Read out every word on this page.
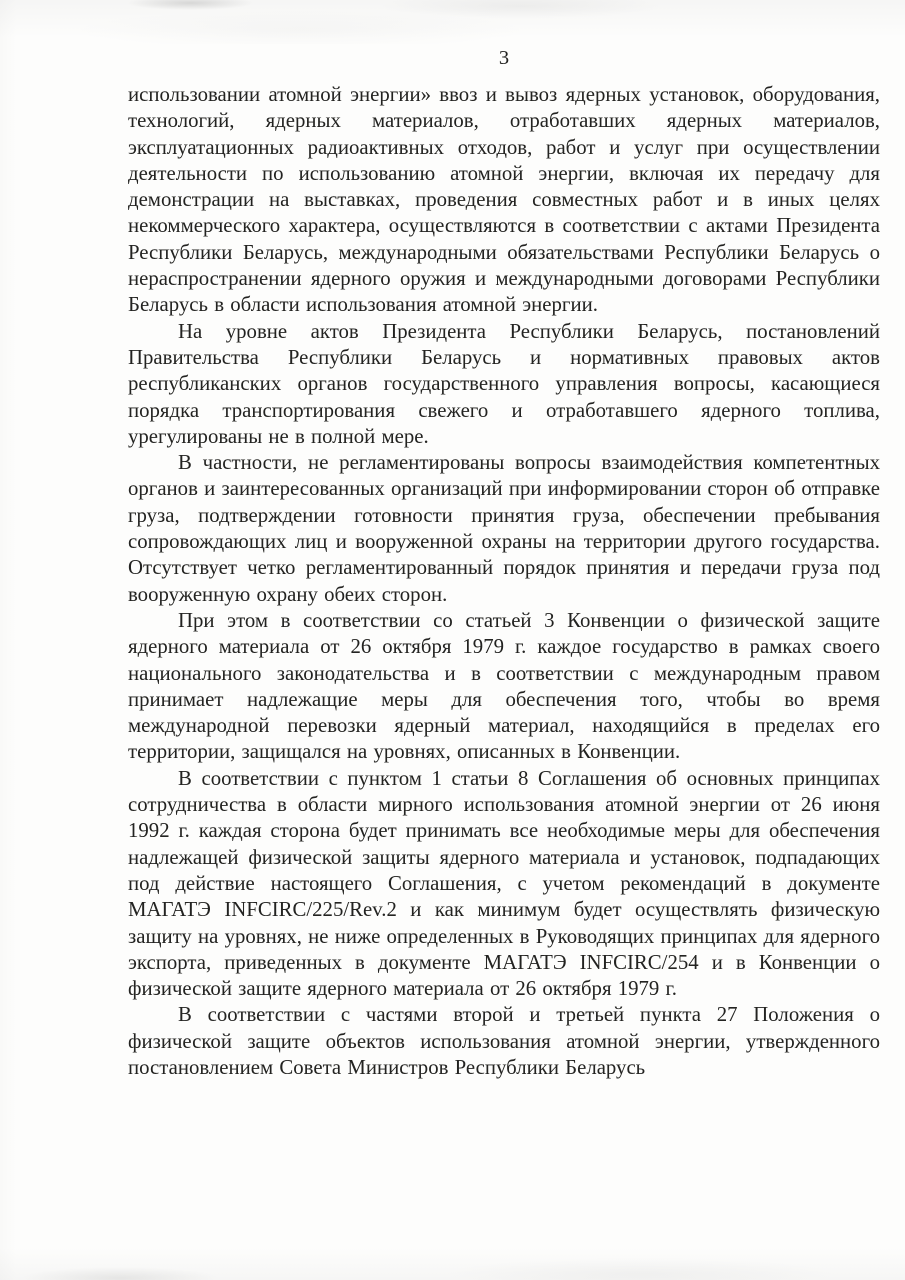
3

использовании атомной энергии» ввоз и вывоз ядерных установок, оборудования, технологий, ядерных материалов, отработавших ядерных материалов, эксплуатационных радиоактивных отходов, работ и услуг при осуществлении деятельности по использованию атомной энергии, включая их передачу для демонстрации на выставках, проведения совместных работ и в иных целях некоммерческого характера, осуществляются в соответствии с актами Президента Республики Беларусь, международными обязательствами Республики Беларусь о нераспространении ядерного оружия и международными договорами Республики Беларусь в области использования атомной энергии.

На уровне актов Президента Республики Беларусь, постановлений Правительства Республики Беларусь и нормативных правовых актов республиканских органов государственного управления вопросы, касающиеся порядка транспортирования свежего и отработавшего ядерного топлива, урегулированы не в полной мере.

В частности, не регламентированы вопросы взаимодействия компетентных органов и заинтересованных организаций при информировании сторон об отправке груза, подтверждении готовности принятия груза, обеспечении пребывания сопровождающих лиц и вооруженной охраны на территории другого государства. Отсутствует четко регламентированный порядок принятия и передачи груза под вооруженную охрану обеих сторон.

При этом в соответствии со статьей 3 Конвенции о физической защите ядерного материала от 26 октября 1979 г. каждое государство в рамках своего национального законодательства и в соответствии с международным правом принимает надлежащие меры для обеспечения того, чтобы во время международной перевозки ядерный материал, находящийся в пределах его территории, защищался на уровнях, описанных в Конвенции.

В соответствии с пунктом 1 статьи 8 Соглашения об основных принципах сотрудничества в области мирного использования атомной энергии от 26 июня 1992 г. каждая сторона будет принимать все необходимые меры для обеспечения надлежащей физической защиты ядерного материала и установок, подпадающих под действие настоящего Соглашения, с учетом рекомендаций в документе МАГАТЭ INFCIRC/225/Rev.2 и как минимум будет осуществлять физическую защиту на уровнях, не ниже определенных в Руководящих принципах для ядерного экспорта, приведенных в документе МАГАТЭ INFCIRC/254 и в Конвенции о физической защите ядерного материала от 26 октября 1979 г.

В соответствии с частями второй и третьей пункта 27 Положения о физической защите объектов использования атомной энергии, утвержденного постановлением Совета Министров Республики Беларусь
